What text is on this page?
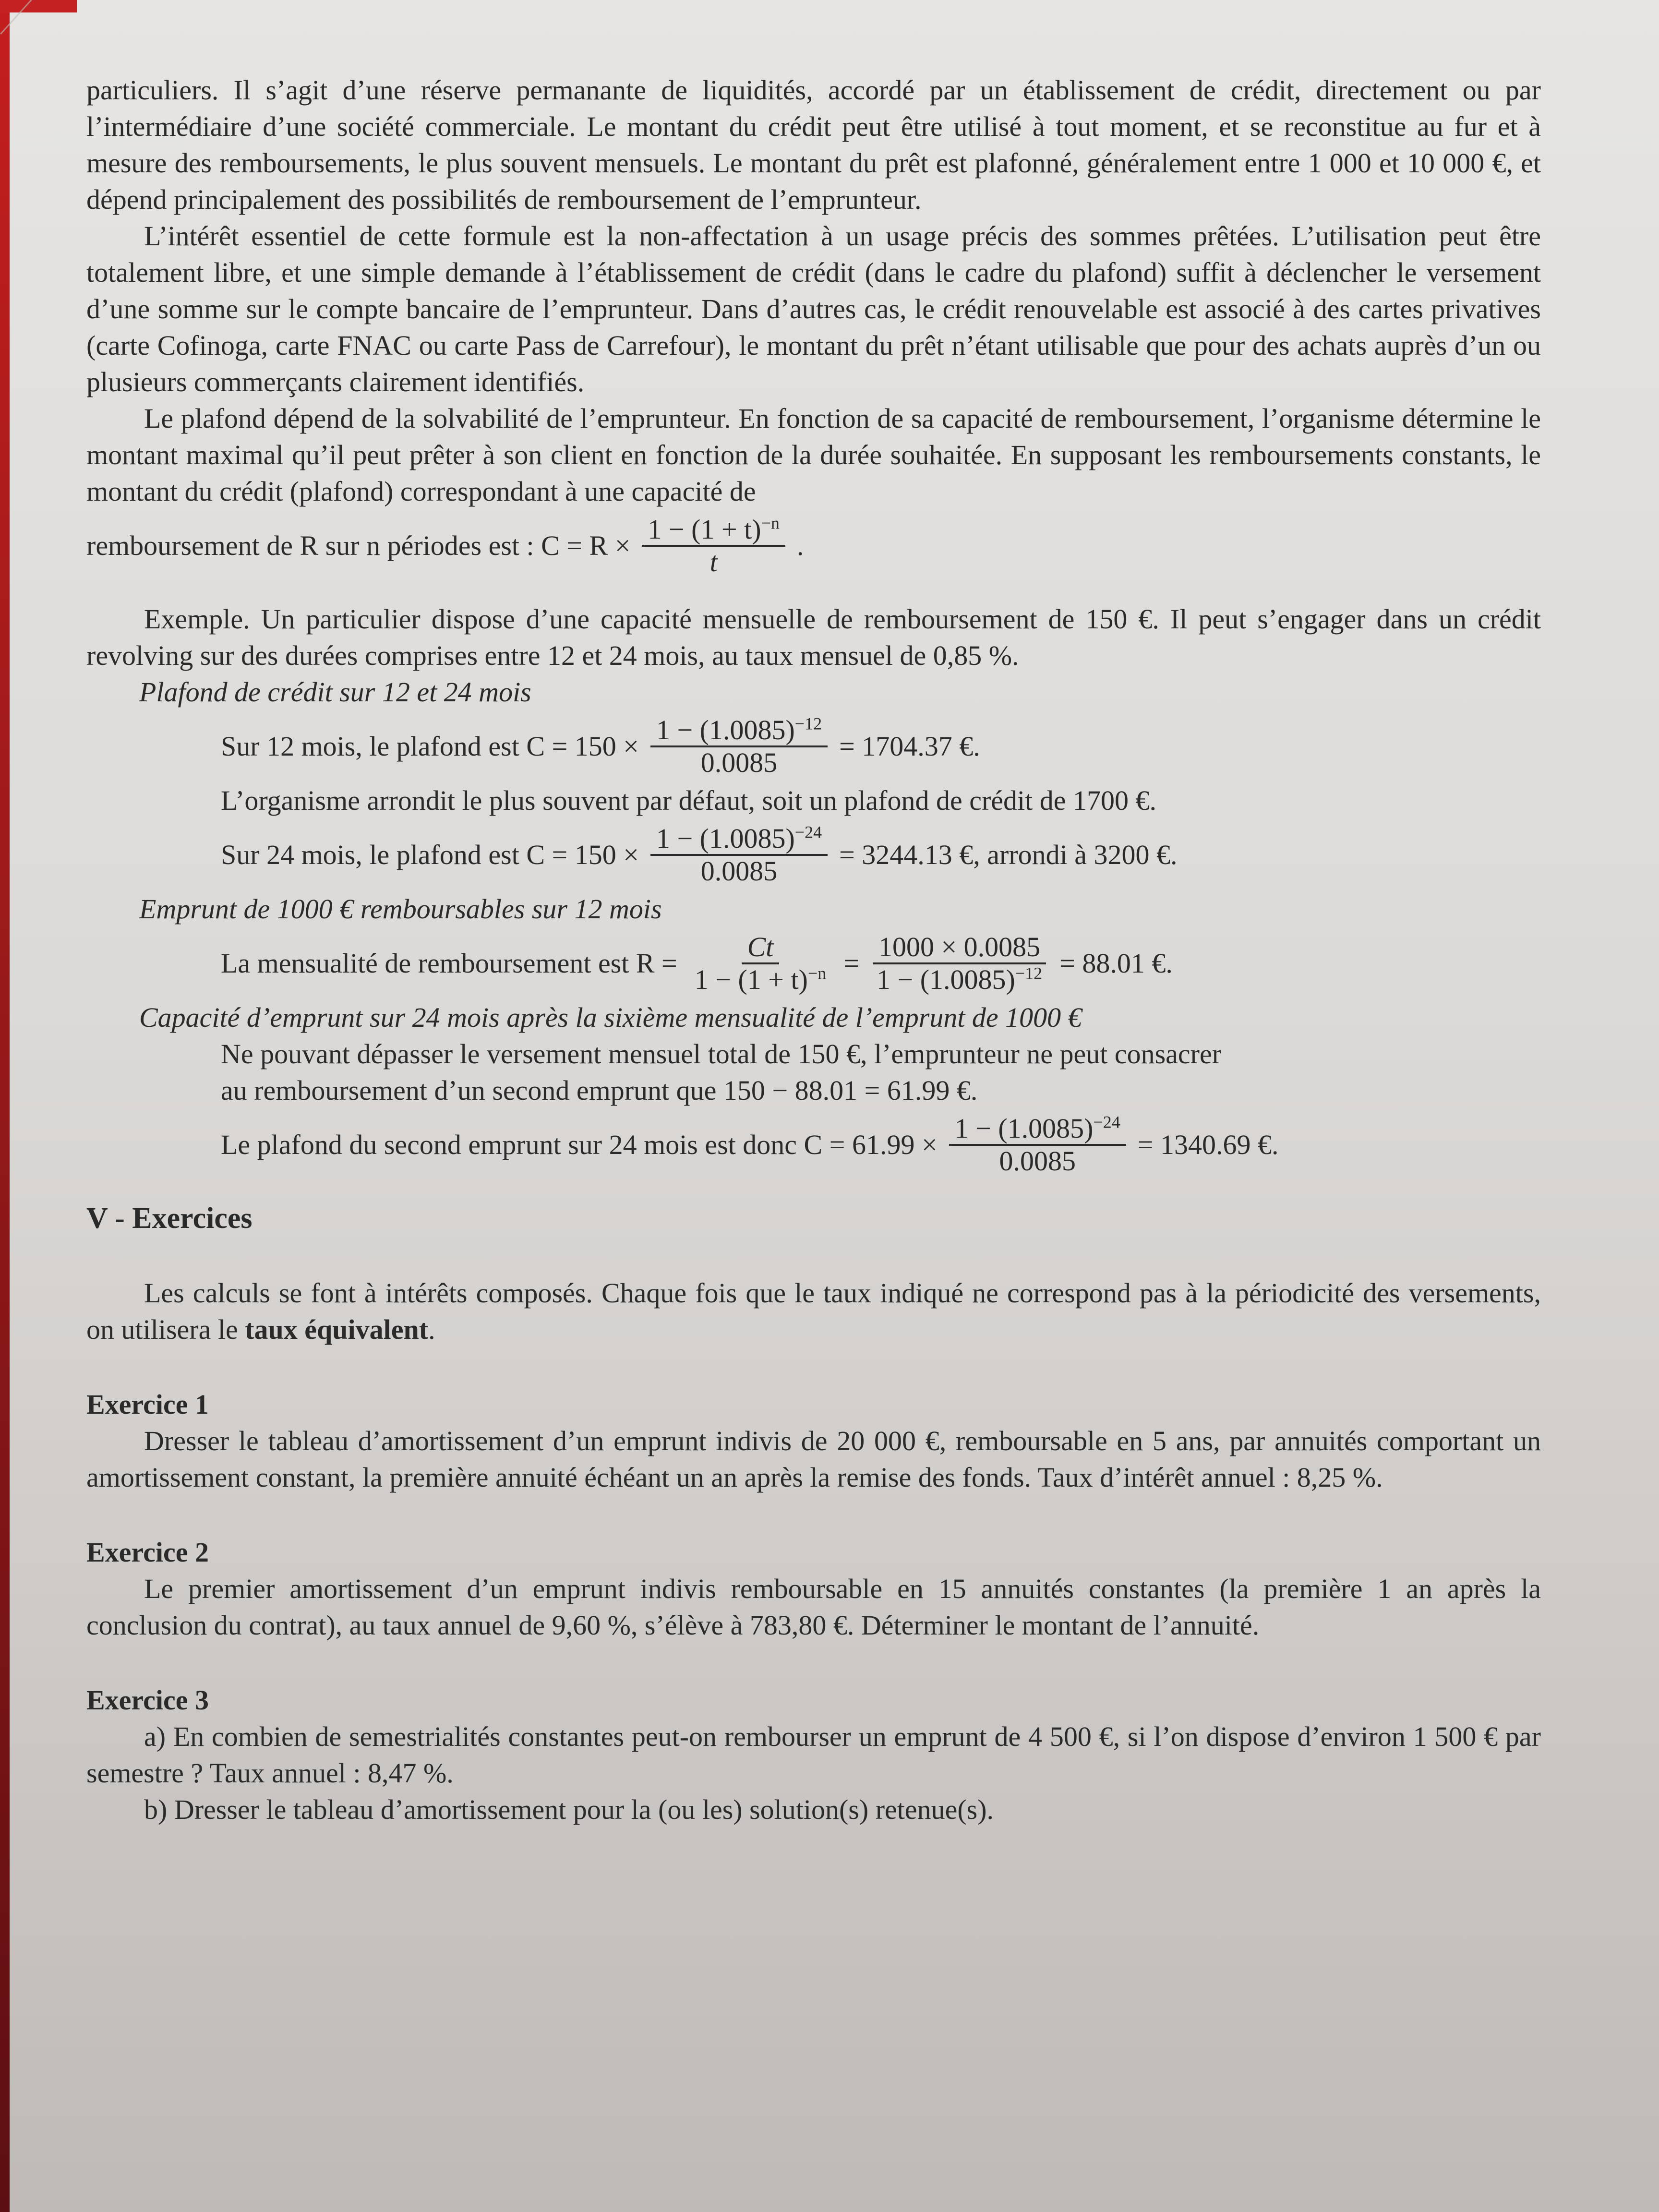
particuliers. Il s’agit d’une réserve permanante de liquidités, accordé par un établissement de crédit, directement ou par l’intermédiaire d’une société commerciale. Le montant du crédit peut être utilisé à tout moment, et se reconstitue au fur et à mesure des remboursements, le plus souvent mensuels. Le montant du prêt est plafonné, généralement entre 1 000 et 10 000 €, et dépend principalement des possibilités de remboursement de l’emprunteur.

L’intérêt essentiel de cette formule est la non-affectation à un usage précis des sommes prêtées. L’utilisation peut être totalement libre, et une simple demande à l’établissement de crédit (dans le cadre du plafond) suffit à déclencher le versement d’une somme sur le compte bancaire de l’emprunteur. Dans d’autres cas, le crédit renouvelable est associé à des cartes privatives (carte Cofinoga, carte FNAC ou carte Pass de Carrefour), le montant du prêt n’étant utilisable que pour des achats auprès d’un ou plusieurs commerçants clairement identifiés.

Le plafond dépend de la solvabilité de l’emprunteur. En fonction de sa capacité de remboursement, l’organisme détermine le montant maximal qu’il peut prêter à son client en fonction de la durée souhaitée. En supposant les remboursements constants, le montant du crédit (plafond) correspondant à une capacité de

remboursement de R sur n périodes est : $C = R \times \frac{1 - (1 + t)^{-n}}{t}$ .

Exemple. Un particulier dispose d’une capacité mensuelle de remboursement de 150 €. Il peut s’engager dans un crédit revolving sur des durées comprises entre 12 et 24 mois, au taux mensuel de 0,85 %.

Plafond de crédit sur 12 et 24 mois

Sur 12 mois, le plafond est $C = 150 \times \frac{1 - (1.0085)^{-12}}{0.0085} = 1704.37$ €.

L’organisme arrondit le plus souvent par défaut, soit un plafond de crédit de 1700 €.

Sur 24 mois, le plafond est $C = 150 \times \frac{1 - (1.0085)^{-24}}{0.0085} = 3244.13$ €, arrondi à 3200 €.

Emprunt de 1000 € remboursables sur 12 mois

La mensualité de remboursement est $R = \frac{Ct}{1 - (1 + t)^{-n}} = \frac{1000 \times 0.0085}{1 - (1.0085)^{-12}} = 88.01$ €.

Capacité d’emprunt sur 24 mois après la sixième mensualité de l’emprunt de 1000 €

Ne pouvant dépasser le versement mensuel total de 150 €, l’emprunteur ne peut consacrer

au remboursement d’un second emprunt que 150 − 88.01 = 61.99 €.

Le plafond du second emprunt sur 24 mois est donc $C = 61.99 \times \frac{1 - (1.0085)^{-24}}{0.0085} = 1340.69$ €.
V - Exercices

Les calculs se font à intérêts composés. Chaque fois que le taux indiqué ne correspond pas à la périodicité des versements, on utilisera le taux équivalent.

Exercice 1

Dresser le tableau d’amortissement d’un emprunt indivis de 20 000 €, remboursable en 5 ans, par annuités comportant un amortissement constant, la première annuité échéant un an après la remise des fonds. Taux d’intérêt annuel : 8,25 %.

Exercice 2

Le premier amortissement d’un emprunt indivis remboursable en 15 annuités constantes (la première 1 an après la conclusion du contrat), au taux annuel de 9,60 %, s’élève à 783,80 €. Déterminer le montant de l’annuité.

Exercice 3

a) En combien de semestrialités constantes peut-on rembourser un emprunt de 4 500 €, si l’on dispose d’environ 1 500 € par semestre ? Taux annuel : 8,47 %.

b) Dresser le tableau d’amortissement pour la (ou les) solution(s) retenue(s).
